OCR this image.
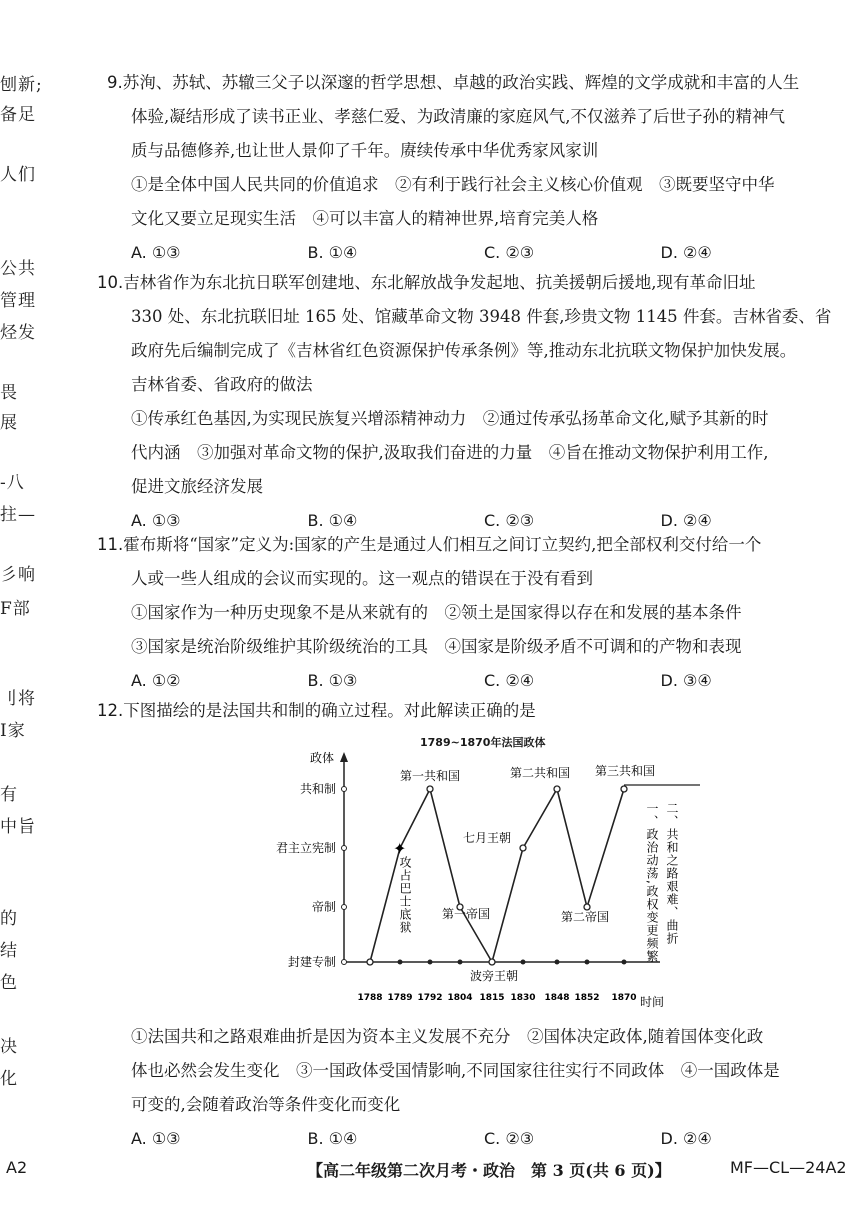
刨新;
备足
人们
公共
管理
烃发
畏
展
-八
拄—
彡响
F部
刂将
I家
有
中旨
的
结
色
决
化
9.苏洵、苏轼、苏辙三父子以深邃的哲学思想、卓越的政治实践、辉煌的文学成就和丰富的人生
体验,凝结形成了读书正业、孝慈仁爱、为政清廉的家庭风气,不仅滋养了后世子孙的精神气
质与品德修养,也让世人景仰了千年。赓续传承中华优秀家风家训
①是全体中国人民共同的价值追求　②有利于践行社会主义核心价值观　③既要坚守中华
文化又要立足现实生活　④可以丰富人的精神世界,培育完美人格
A. ①③	B. ①④	C. ②③	D. ②④
10.吉林省作为东北抗日联军创建地、东北解放战争发起地、抗美援朝后援地,现有革命旧址
330 处、东北抗联旧址 165 处、馆藏革命文物 3948 件套,珍贵文物 1145 件套。吉林省委、省
政府先后编制完成了《吉林省红色资源保护传承条例》等,推动东北抗联文物保护加快发展。
吉林省委、省政府的做法
①传承红色基因,为实现民族复兴增添精神动力　②通过传承弘扬革命文化,赋予其新的时
代内涵　③加强对革命文物的保护,汲取我们奋进的力量　④旨在推动文物保护利用工作,
促进文旅经济发展
A. ①③	B. ①④	C. ②③	D. ②④
11.霍布斯将“国家”定义为:国家的产生是通过人们相互之间订立契约,把全部权利交付给一个
人或一些人组成的会议而实现的。这一观点的错误在于没有看到
①国家作为一种历史现象不是从来就有的　②领土是国家得以存在和发展的基本条件
③国家是统治阶级维护其阶级统治的工具　④国家是阶级矛盾不可调和的产物和表现
A. ①②	B. ①③	C. ②④	D. ③④
12.下图描绘的是法国共和制的确立过程。对此解读正确的是
1789~1870年法国政体
政体
时间
封建专制
帝制
君主立宪制
共和制
1788 1789 1792 1804 1815 1830 1848 1852 1870
✦
攻占巴士底狱
第一共和国
第一帝国
波旁王朝
七月王朝
第二共和国
第二帝国
第三共和国
一、政治动荡,政权变更频繁 二、共和之路艰难、曲折
①法国共和之路艰难曲折是因为资本主义发展不充分　②国体决定政体,随着国体变化政
体也必然会发生变化　③一国政体受国情影响,不同国家往往实行不同政体　④一国政体是
可变的,会随着政治等条件变化而变化
A. ①③	B. ①④	C. ②③	D. ②④
A2	【高二年级第二次月考・政治　第 3 页(共 6 页)】	MF—CL—24A2
